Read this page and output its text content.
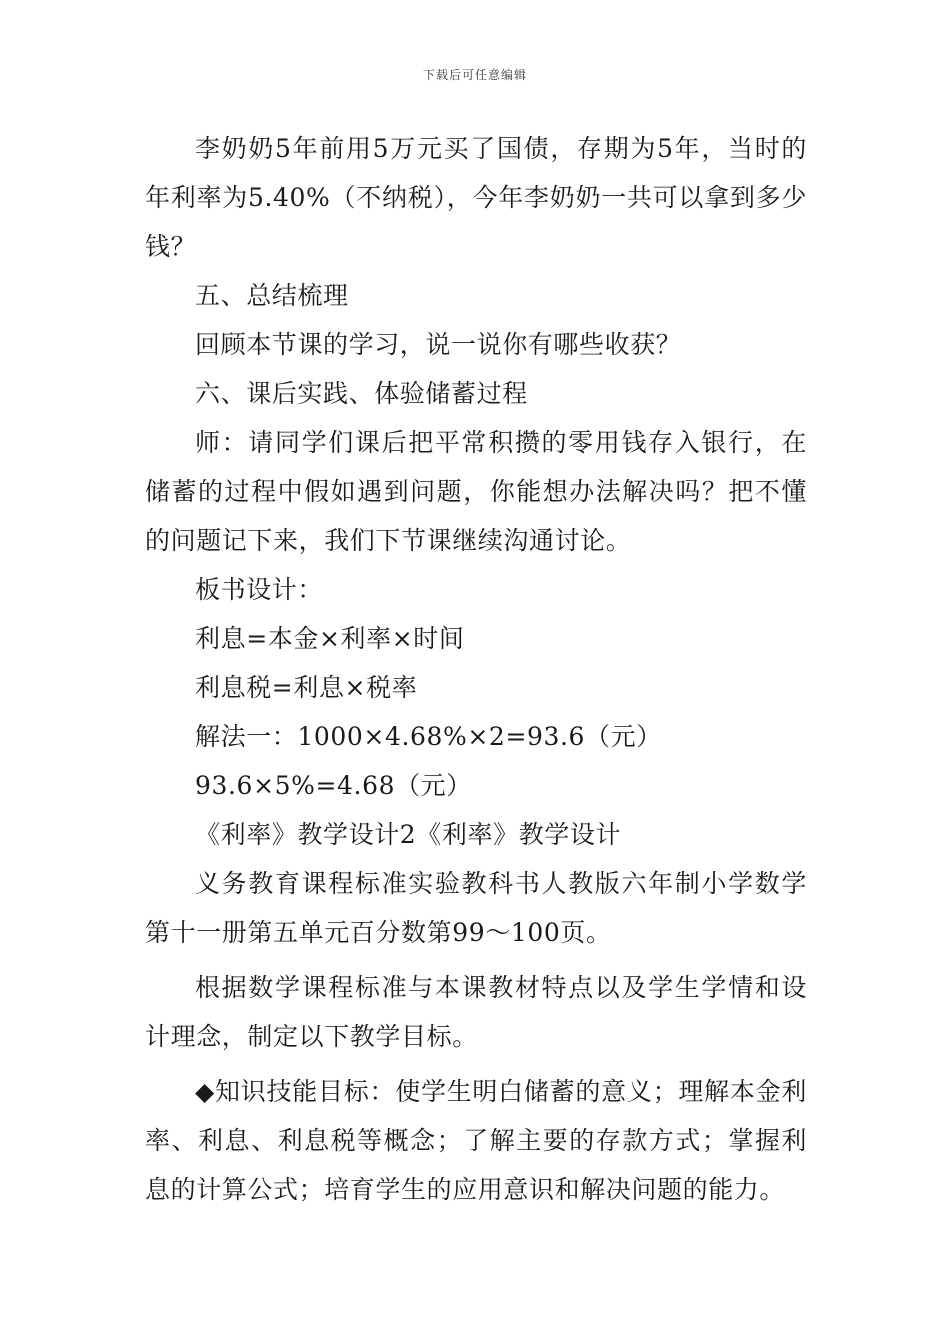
下载后可任意编辑

李奶奶5年前用5万元买了国债，存期为5年，当时的年利率为5.40%（不纳税），今年李奶奶一共可以拿到多少钱？

五、总结梳理

回顾本节课的学习，说一说你有哪些收获？

六、课后实践、体验储蓄过程

师：请同学们课后把平常积攒的零用钱存入银行，在储蓄的过程中假如遇到问题，你能想办法解决吗？把不懂的问题记下来，我们下节课继续沟通讨论。

板书设计：

利息=本金×利率×时间

利息税=利息×税率

解法一：1000×4.68%×2=93.6（元）

93.6×5%=4.68（元）

《利率》教学设计2《利率》教学设计

义务教育课程标准实验教科书人教版六年制小学数学第十一册第五单元百分数第99～100页。

根据数学课程标准与本课教材特点以及学生学情和设计理念，制定以下教学目标。

◆知识技能目标：使学生明白储蓄的意义；理解本金利率、利息、利息税等概念；了解主要的存款方式；掌握利息的计算公式；培育学生的应用意识和解决问题的能力。
